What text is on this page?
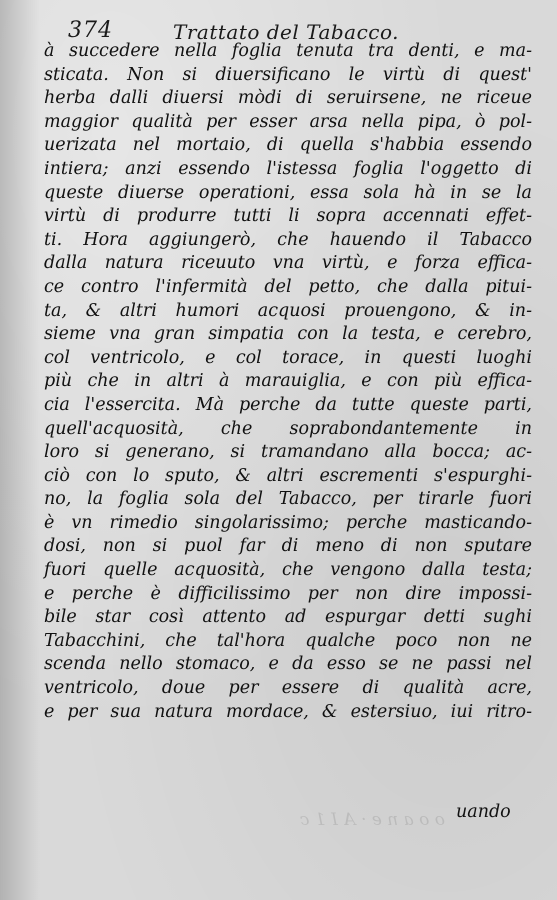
o o a n e · A I 1 c
374	Trattato del Tabacco.
à succedere nella foglia tenuta tra denti, e ma-
sticata. Non si diuersificano le virtù di quest'
herba dalli diuersi mòdi di seruirsene, ne riceue
maggior qualità per esser arsa nella pipa, ò pol-
uerizata nel mortaio, di quella s'habbia essendo
intiera; anzi essendo l'istessa foglia l'oggetto di
queste diuerse operationi, essa sola hà in se la
virtù di produrre tutti li sopra accennati effet-
ti. Hora aggiungerò, che hauendo il Tabacco
dalla natura riceuuto vna virtù, e forza effica-
ce contro l'infermità del petto, che dalla pitui-
ta, & altri humori acquosi prouengono, & in-
sieme vna gran simpatia con la testa, e cerebro,
col ventricolo, e col torace, in questi luoghi
più che in altri à marauiglia, e con più effica-
cia l'essercita. Mà perche da tutte queste parti,
quell'acquosità, che soprabondantemente in
loro si generano, si tramandano alla bocca; ac-
ciò con lo sputo, & altri escrementi s'espurghi-
no, la foglia sola del Tabacco, per tirarle fuori
è vn rimedio singolarissimo; perche masticando-
dosi, non si puol far di meno di non sputare
fuori quelle acquosità, che vengono dalla testa;
e perche è difficilissimo per non dire impossi-
bile star così attento ad espurgar detti sughi
Tabacchini, che tal'hora qualche poco non ne
scenda nello stomaco, e da esso se ne passi nel
ventricolo, doue per essere di qualità acre,
e per sua natura mordace, & estersiuo, iui ritro-
uando
